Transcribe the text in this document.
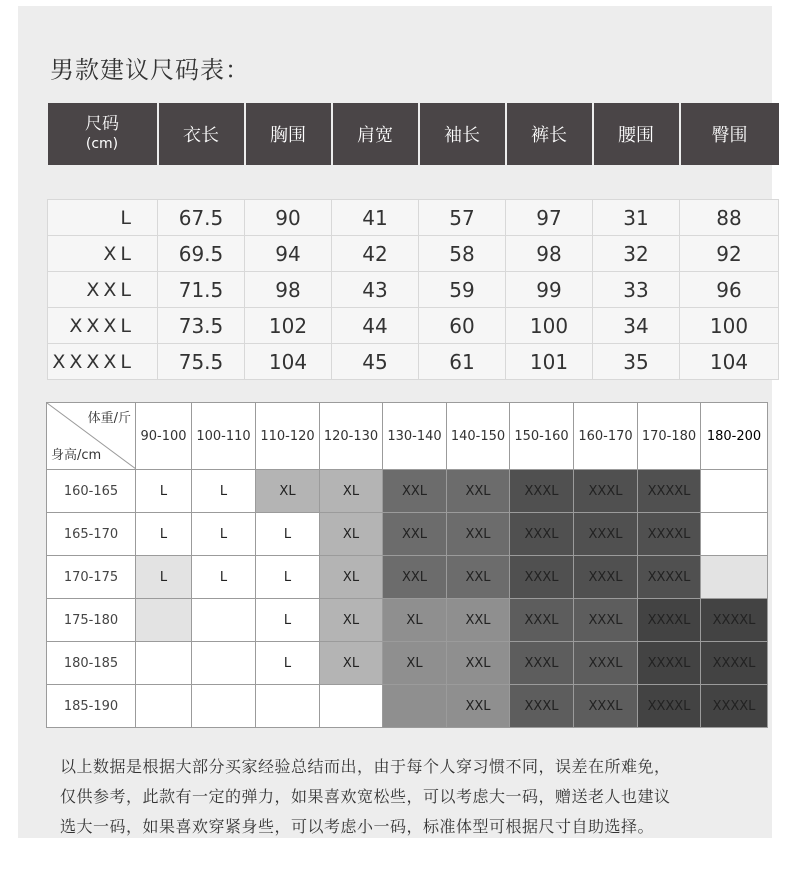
男款建议尺码表：
尺码
(cm)	衣长	胸围	肩宽	袖长	裤长	腰围	臀围

L	67.5	90	41	57	97	31	88
XL	69.5	94	42	58	98	32	92
XXL	71.5	98	43	59	99	33	96
XXXL	73.5	102	44	60	100	34	100
XXXXL	75.5	104	45	61	101	35	104
体重/斤
身高/cm	90-100	100-110	110-120	120-130	130-140	140-150	150-160	160-170	170-180	180-200
160-165	L	L	XL	XL	XXL	XXL	XXXL	XXXL	XXXXL	
165-170	L	L	L	XL	XXL	XXL	XXXL	XXXL	XXXXL	
170-175	L	L	L	XL	XXL	XXL	XXXL	XXXL	XXXXL	
175-180			L	XL	XL	XXL	XXXL	XXXL	XXXXL	XXXXL
180-185			L	XL	XL	XXL	XXXL	XXXL	XXXXL	XXXXL
185-190						XXL	XXXL	XXXL	XXXXL	XXXXL
以上数据是根据大部分买家经验总结而出，由于每个人穿习惯不同，误差在所难免，
仅供参考，此款有一定的弹力，如果喜欢宽松些，可以考虑大一码，赠送老人也建议
选大一码，如果喜欢穿紧身些，可以考虑小一码，标准体型可根据尺寸自助选择。
